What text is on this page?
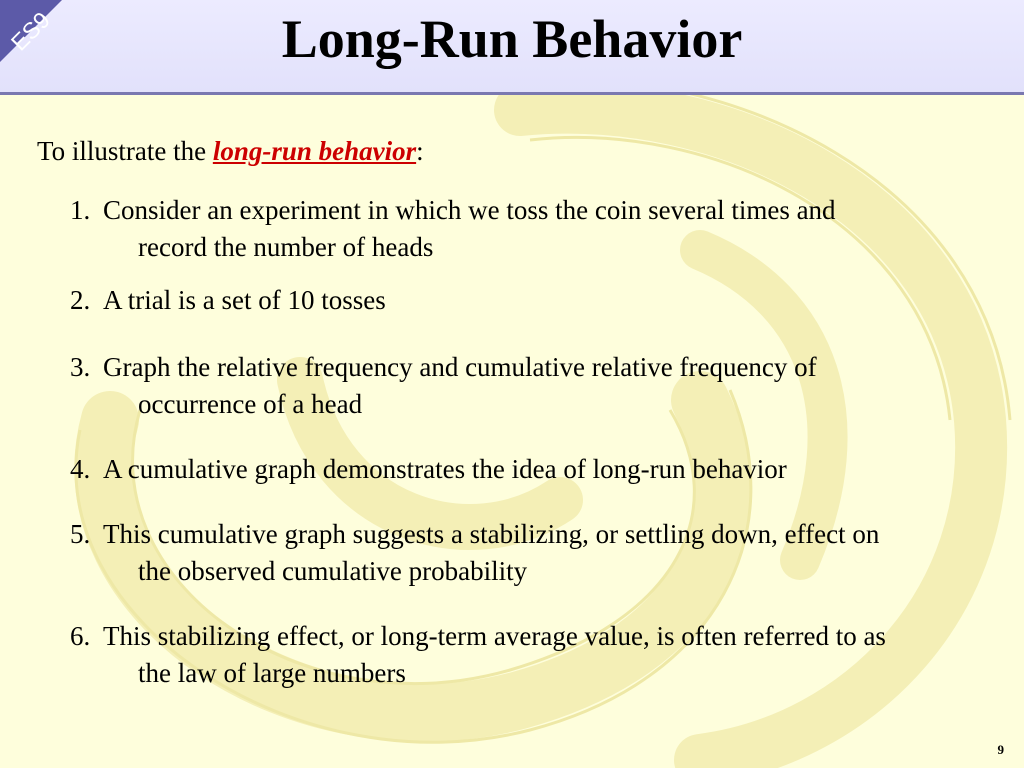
ES9	Long-Run Behavior
To illustrate the long-run behavior:
1. Consider an experiment in which we toss the coin several times and record the number of heads
2. A trial is a set of 10 tosses
3. Graph the relative frequency and cumulative relative frequency of occurrence of a head
4. A cumulative graph demonstrates the idea of long-run behavior
5. This cumulative graph suggests a stabilizing, or settling down, effect on the observed cumulative probability
6. This stabilizing effect, or long-term average value, is often referred to as the law of large numbers
9
